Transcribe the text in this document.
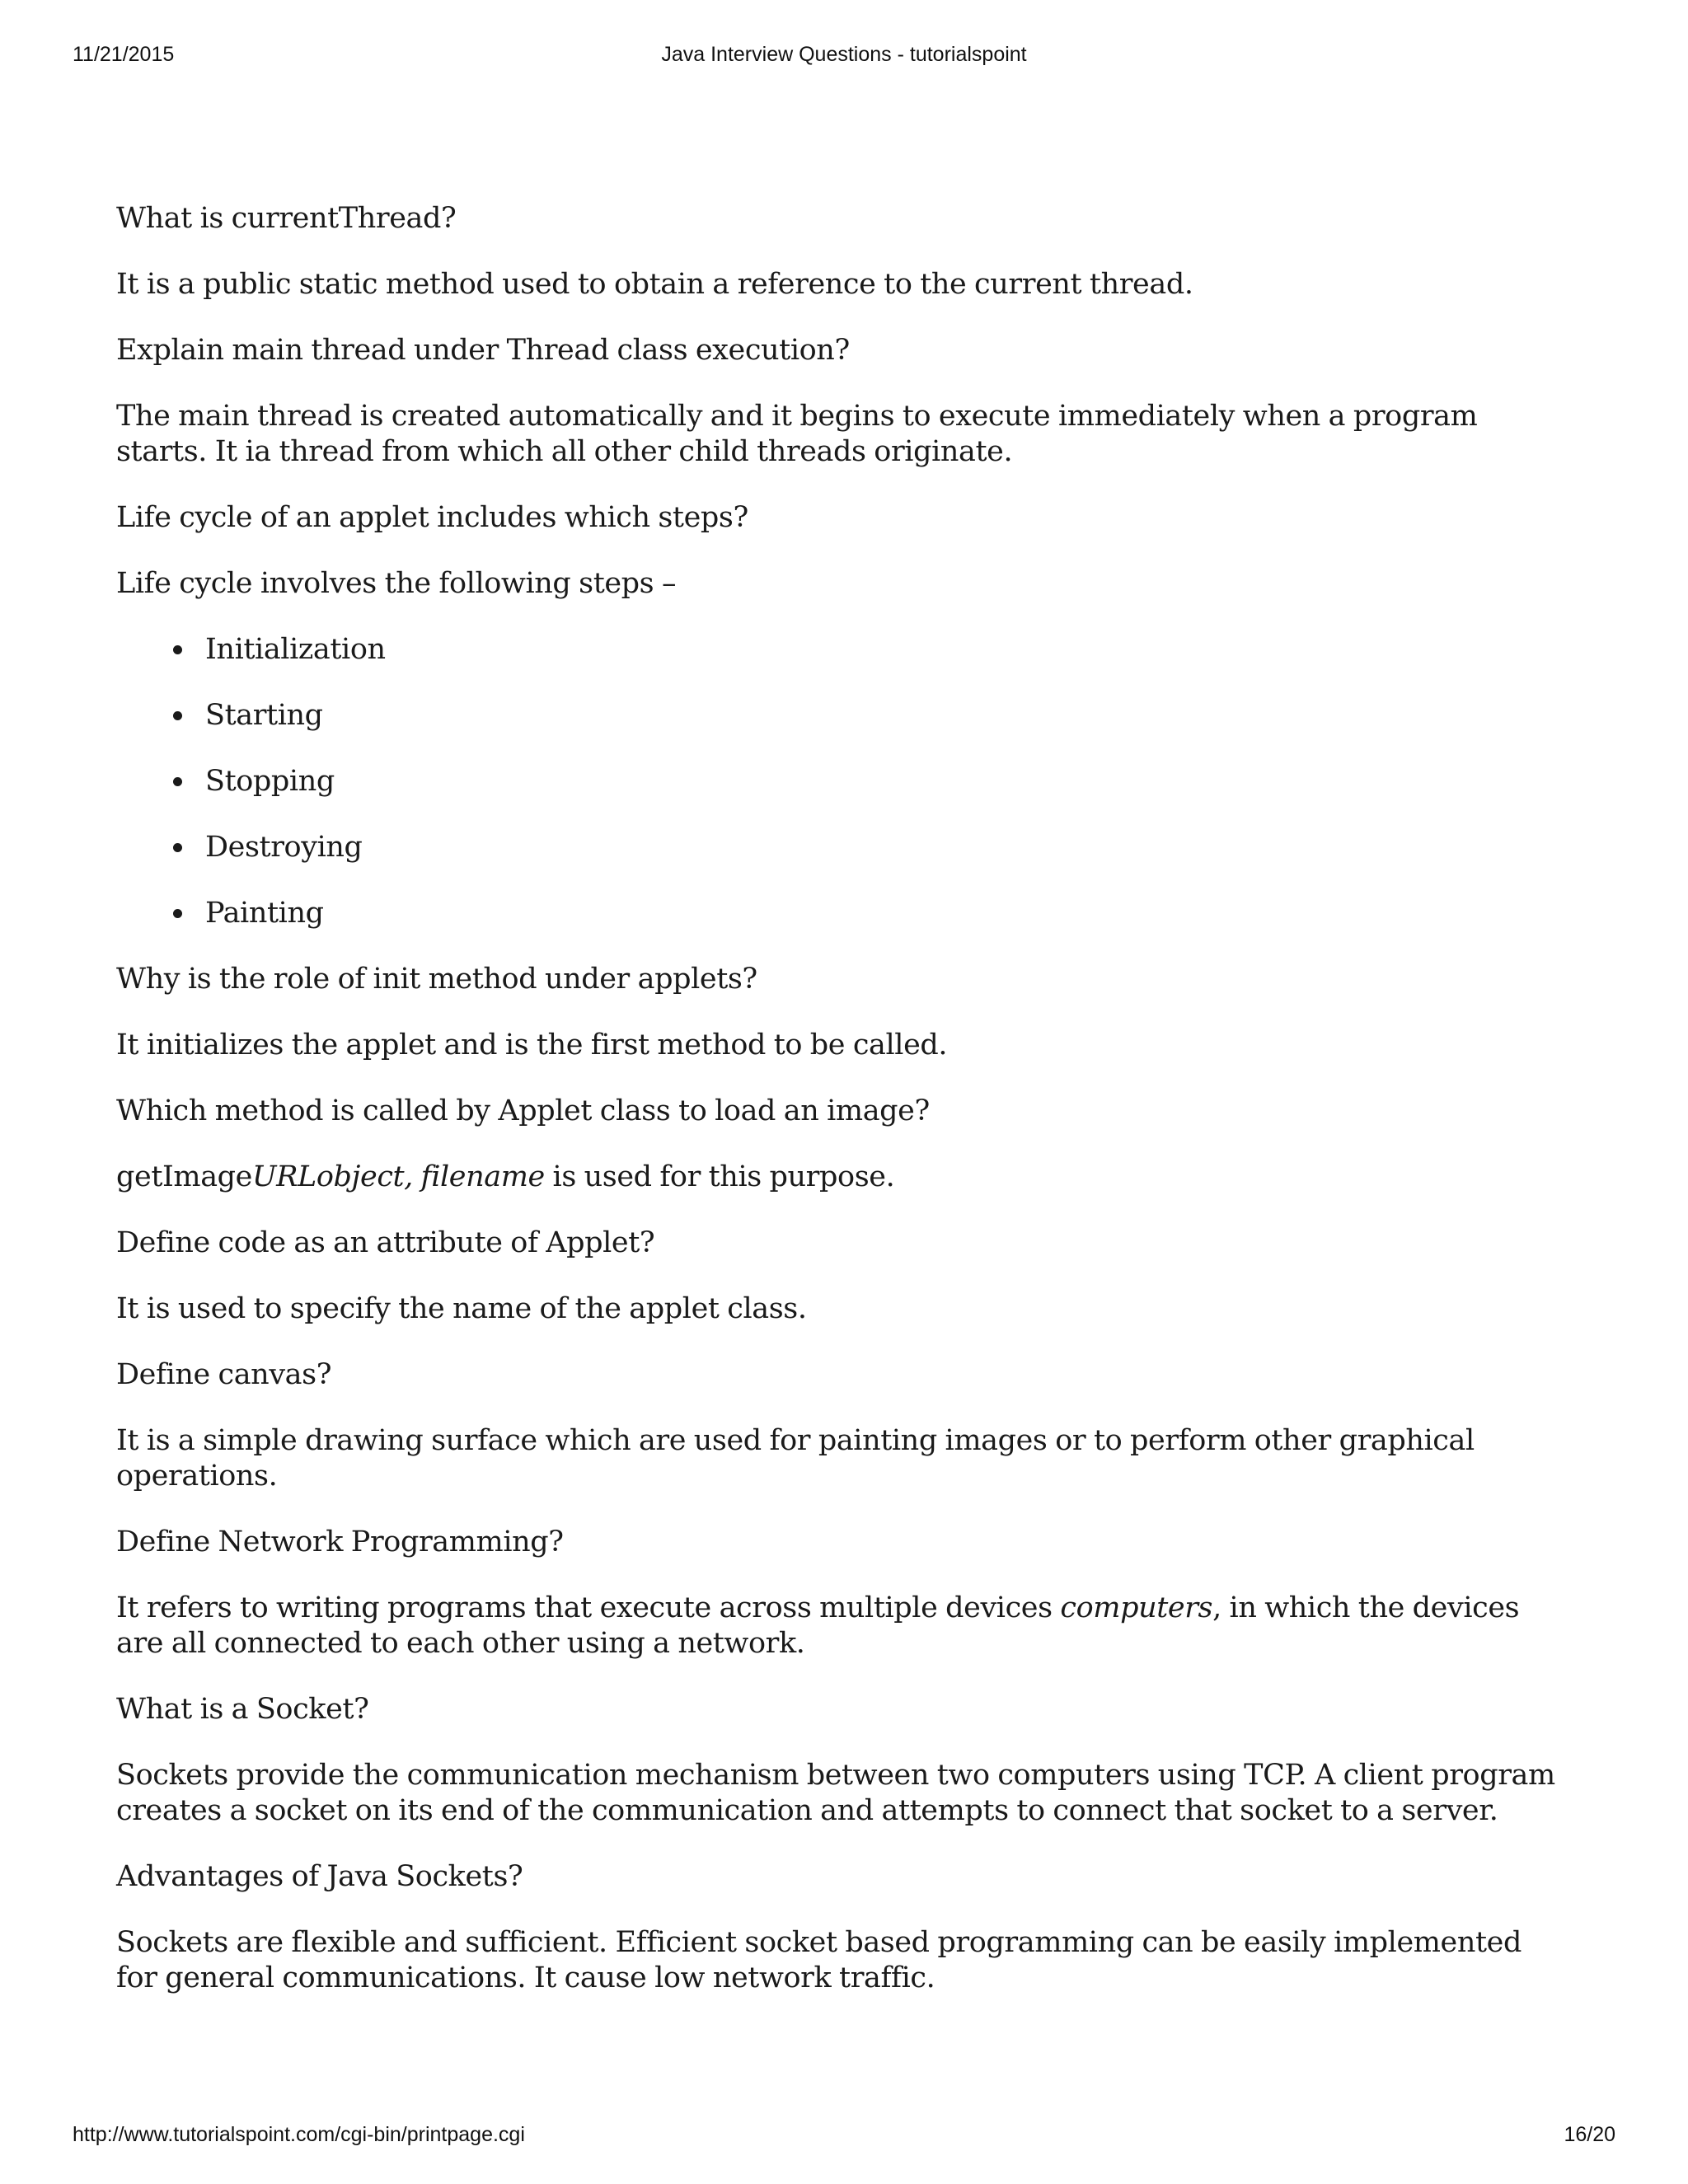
Java Interview Questions - tutorialspoint
11/21/2015

What is currentThread?

It is a public static method used to obtain a reference to the current thread.

Explain main thread under Thread class execution?

The main thread is created automatically and it begins to execute immediately when a program starts. It ia thread from which all other child threads originate.

Life cycle of an applet includes which steps?

Life cycle involves the following steps –

Initialization
Starting
Stopping
Destroying
Painting

Why is the role of init method under applets?

It initializes the applet and is the first method to be called.

Which method is called by Applet class to load an image?

getImageURLobject, filename is used for this purpose.

Define code as an attribute of Applet?

It is used to specify the name of the applet class.

Define canvas?

It is a simple drawing surface which are used for painting images or to perform other graphical operations.

Define Network Programming?

It refers to writing programs that execute across multiple devices computers, in which the devices are all connected to each other using a network.

What is a Socket?

Sockets provide the communication mechanism between two computers using TCP. A client program creates a socket on its end of the communication and attempts to connect that socket to a server.

Advantages of Java Sockets?

Sockets are flexible and sufficient. Efficient socket based programming can be easily implemented for general communications. It cause low network traffic.

http://www.tutorialspoint.com/cgi-bin/printpage.cgi	16/20
